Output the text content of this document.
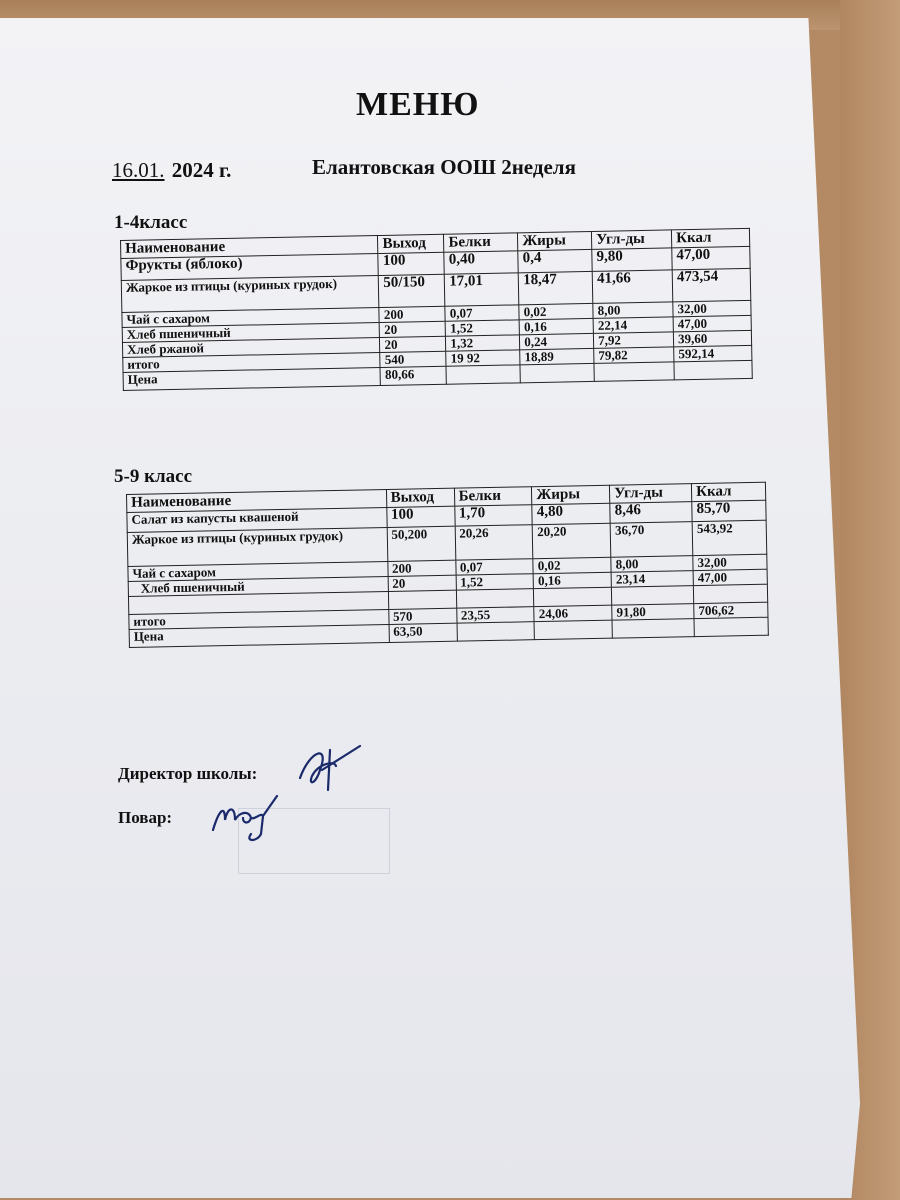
МЕНЮ
16.01. 2024 г.	Елантовская ООШ 2неделя
1-4класс
Наименование	Выход	Белки	Жиры	Угл-ды	Ккал
Фрукты (яблоко)	100	0,40	0,4	9,80	47,00
Жаркое из птицы (куриных грудок)	50/150	17,01	18,47	41,66	473,54
Чай с сахаром	200	0,07	0,02	8,00	32,00
Хлеб пшеничный	20	1,52	0,16	22,14	47,00
Хлеб ржаной	20	1,32	0,24	7,92	39,60
итого	540	19 92	18,89	79,82	592,14
Цена	80,66				
5-9 класс
Наименование	Выход	Белки	Жиры	Угл-ды	Ккал
Салат из капусты квашеной	100	1,70	4,80	8,46	85,70
Жаркое из птицы (куриных грудок)	50,200	20,26	20,20	36,70	543,92
Чай с сахаром	200	0,07	0,02	8,00	32,00
Хлеб пшеничный	20	1,52	0,16	23,14	47,00

итого	570	23,55	24,06	91,80	706,62
Цена	63,50				
Директор школы:
Повар:
